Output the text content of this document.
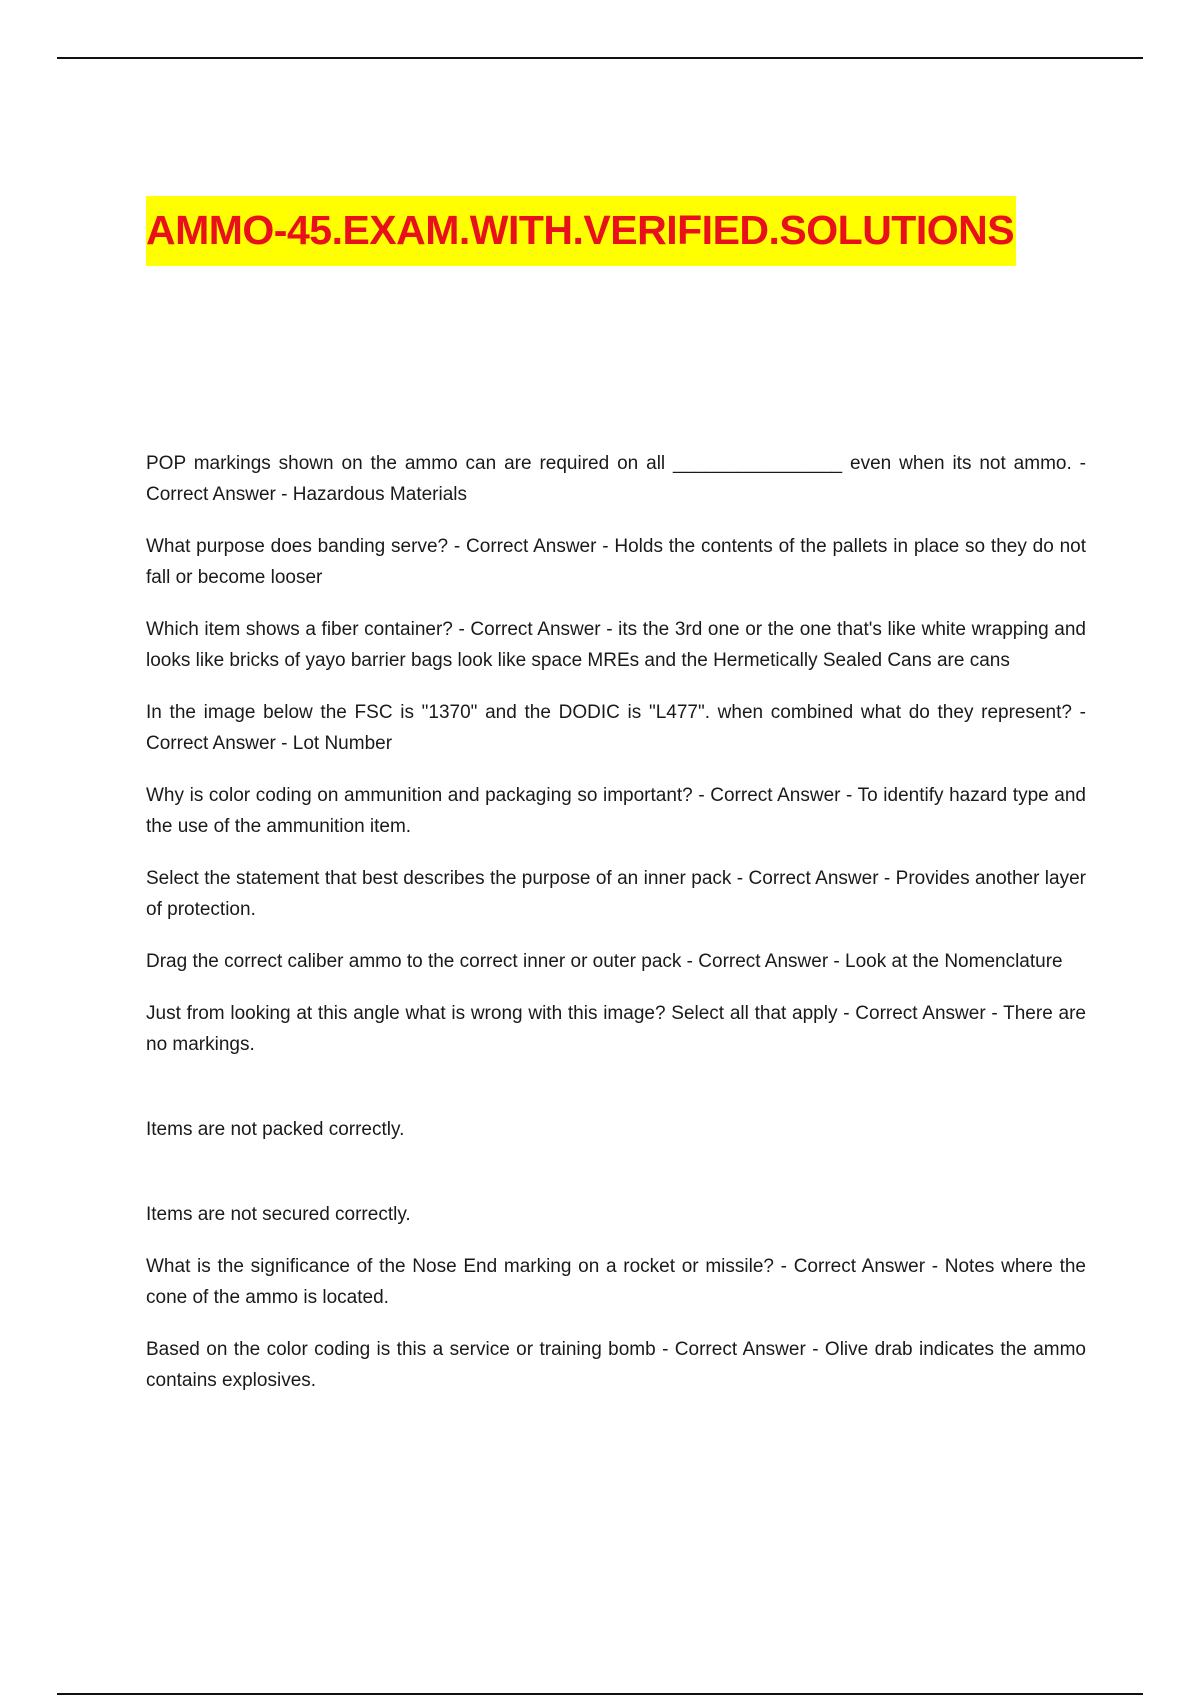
AMMO-45.EXAM.WITH.VERIFIED.SOLUTIONS

POP markings shown on the ammo can are required on all ________________ even when its not ammo. - Correct Answer - Hazardous Materials

What purpose does banding serve? - Correct Answer - Holds the contents of the pallets in place so they do not fall or become looser

Which item shows a fiber container? - Correct Answer - its the 3rd one or the one that's like white wrapping and looks like bricks of yayo barrier bags look like space MREs and the Hermetically Sealed Cans are cans

In the image below the FSC is "1370" and the DODIC is "L477". when combined what do they represent? - Correct Answer - Lot Number

Why is color coding on ammunition and packaging so important? - Correct Answer - To identify hazard type and the use of the ammunition item.

Select the statement that best describes the purpose of an inner pack - Correct Answer - Provides another layer of protection.

Drag the correct caliber ammo to the correct inner or outer pack - Correct Answer - Look at the Nomenclature

Just from looking at this angle what is wrong with this image? Select all that apply - Correct Answer - There are no markings.

Items are not packed correctly.

Items are not secured correctly.

What is the significance of the Nose End marking on a rocket or missile? - Correct Answer - Notes where the cone of the ammo is located.

Based on the color coding is this a service or training bomb - Correct Answer - Olive drab indicates the ammo contains explosives.
